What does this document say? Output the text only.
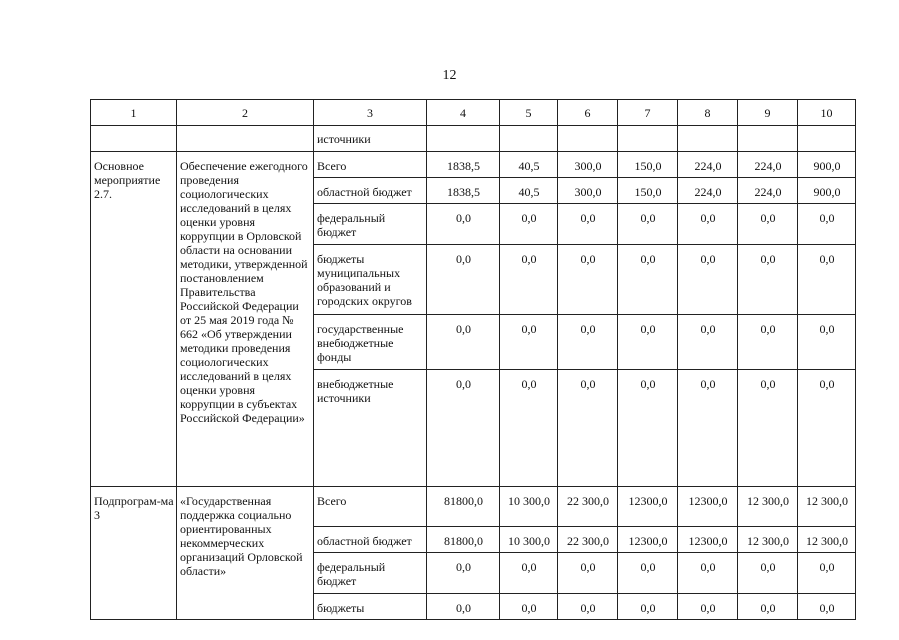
12
1	2	3	4	5	6	7	8	9	10
		источники							
Основное мероприятие 2.7.	Обеспечение ежегодного проведения социологических исследований в целях оценки уровня коррупции в Орловской области на основании методики, утвержденной постановлением Правительства Российской Федерации от 25 мая 2019 года № 662 «Об утверждении методики проведения социологических исследований в целях оценки уровня коррупции в субъектах Российской Федерации»	Всего	1838,5	40,5	300,0	150,0	224,0	224,0	900,0
		областной бюджет	1838,5	40,5	300,0	150,0	224,0	224,0	900,0
		федеральный бюджет	0,0	0,0	0,0	0,0	0,0	0,0	0,0
		бюджеты муниципальных образований и городских округов	0,0	0,0	0,0	0,0	0,0	0,0	0,0
		государственные внебюджетные фонды	0,0	0,0	0,0	0,0	0,0	0,0	0,0
		внебюджетные источники	0,0	0,0	0,0	0,0	0,0	0,0	0,0
Подпрограм-ма 3	«Государственная поддержка социально ориентированных некоммерческих организаций Орловской области»	Всего	81800,0	10 300,0	22 300,0	12300,0	12300,0	12 300,0	12 300,0
		областной бюджет	81800,0	10 300,0	22 300,0	12300,0	12300,0	12 300,0	12 300,0
		федеральный бюджет	0,0	0,0	0,0	0,0	0,0	0,0	0,0
		бюджеты	0,0	0,0	0,0	0,0	0,0	0,0	0,0
